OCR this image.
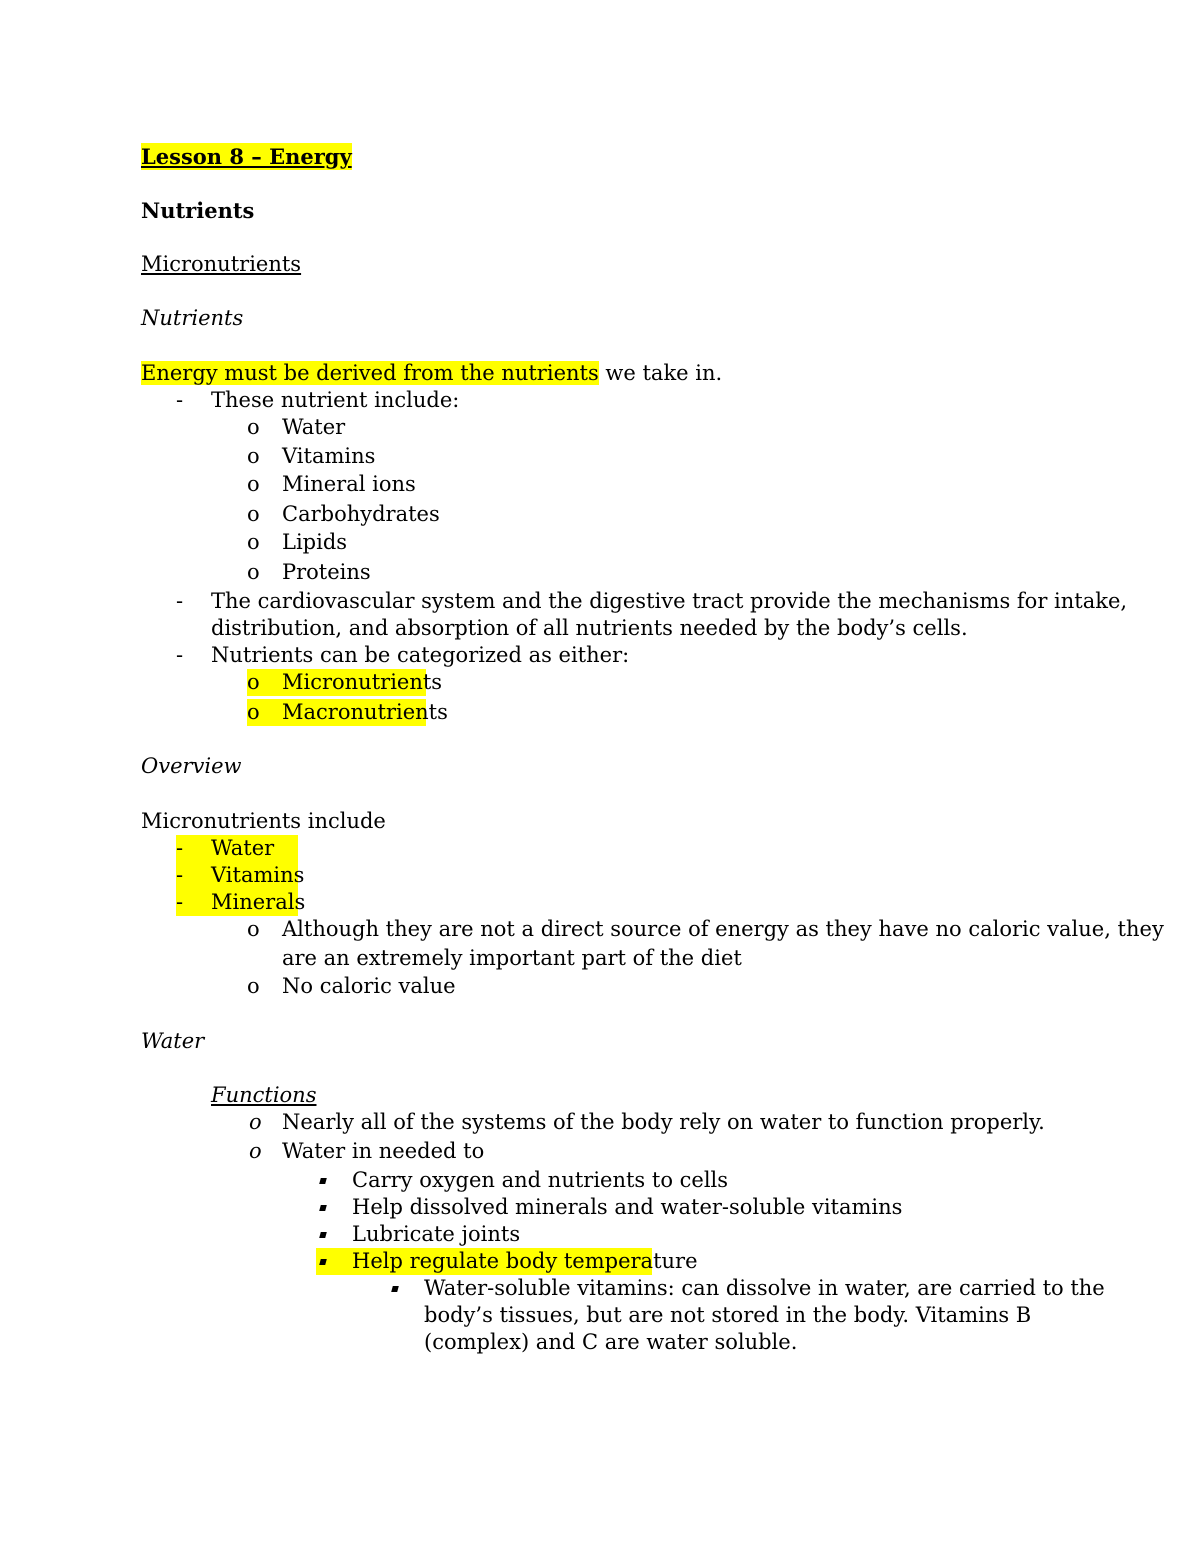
Lesson 8 – Energy
Nutrients
Micronutrients
Nutrients
Energy must be derived from the nutrients we take in.
- These nutrient include:
o Water
o Vitamins
o Mineral ions
o Carbohydrates
o Lipids
o Proteins
- The cardiovascular system and the digestive tract provide the mechanisms for intake,
distribution, and absorption of all nutrients needed by the body’s cells.
- Nutrients can be categorized as either:
o Micronutrients
o Macronutrients
Overview
Micronutrients include
- Water
- Vitamins
- Minerals
o Although they are not a direct source of energy as they have no caloric value, they
are an extremely important part of the diet
o No caloric value
Water
Functions
o Nearly all of the systems of the body rely on water to function properly.
o Water in needed to
Carry oxygen and nutrients to cells
Help dissolved minerals and water-soluble vitamins
Lubricate joints
Help regulate body temperature
Water-soluble vitamins: can dissolve in water, are carried to the
body’s tissues, but are not stored in the body. Vitamins B
(complex) and C are water soluble.
